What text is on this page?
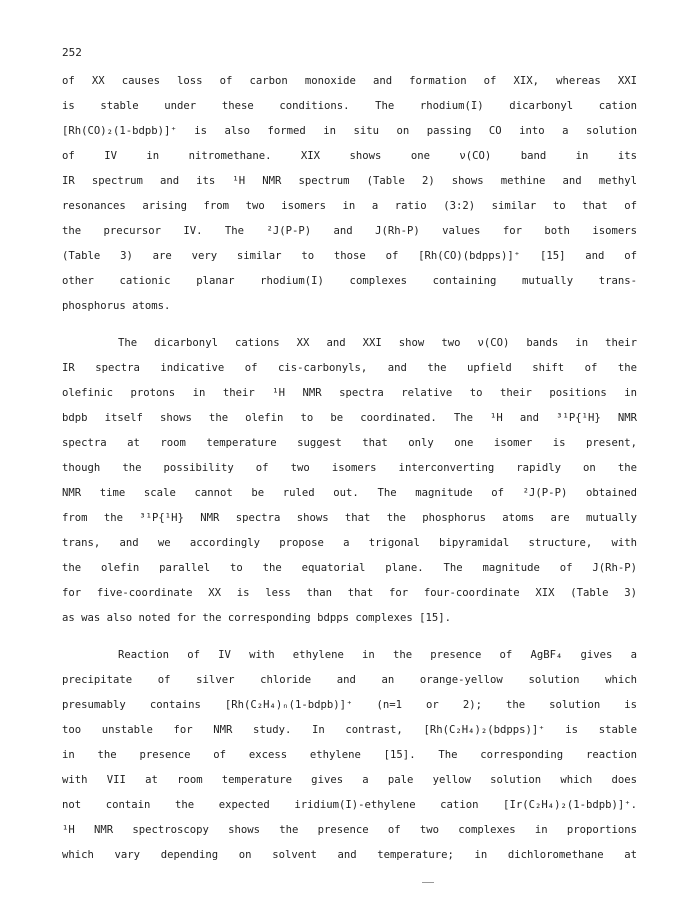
252
of XX causes loss of carbon monoxide and formation of XIX, whereas XXI
is stable under these conditions. The rhodium(I) dicarbonyl cation
[Rh(CO)₂(1-bdpb)]⁺ is also formed in situ on passing CO into a solution
of IV in nitromethane. XIX shows one ν(CO) band in its
IR spectrum and its ¹H NMR spectrum (Table 2) shows methine and methyl
resonances arising from two isomers in a ratio (3:2) similar to that of
the precursor IV. The ²J(P-P) and J(Rh-P) values for both isomers
(Table 3) are very similar to those of [Rh(CO)(bdpps)]⁺ [15] and of
other cationic planar rhodium(I) complexes containing mutually trans-
phosphorus atoms.
The dicarbonyl cations XX and XXI show two ν(CO) bands in their
IR spectra indicative of cis-carbonyls, and the upfield shift of the
olefinic protons in their ¹H NMR spectra relative to their positions in
bdpb itself shows the olefin to be coordinated. The ¹H and ³¹P{¹H} NMR
spectra at room temperature suggest that only one isomer is present,
though the possibility of two isomers interconverting rapidly on the
NMR time scale cannot be ruled out. The magnitude of ²J(P-P) obtained
from the ³¹P{¹H} NMR spectra shows that the phosphorus atoms are mutually
trans, and we accordingly propose a trigonal bipyramidal structure, with
the olefin parallel to the equatorial plane. The magnitude of J(Rh-P)
for five-coordinate XX is less than that for four-coordinate XIX (Table 3)
as was also noted for the corresponding bdpps complexes [15].
Reaction of IV with ethylene in the presence of AgBF₄ gives a
precipitate of silver chloride and an orange-yellow solution which
presumably contains [Rh(C₂H₄)ₙ(1-bdpb)]⁺ (n=1 or 2); the solution is
too unstable for NMR study. In contrast, [Rh(C₂H₄)₂(bdpps)]⁺ is stable
in the presence of excess ethylene [15]. The corresponding reaction
with VII at room temperature gives a pale yellow solution which does
not contain the expected iridium(I)-ethylene cation [Ir(C₂H₄)₂(1-bdpb)]⁺.
¹H NMR spectroscopy shows the presence of two complexes in proportions
which vary depending on solvent and temperature; in dichloromethane at
